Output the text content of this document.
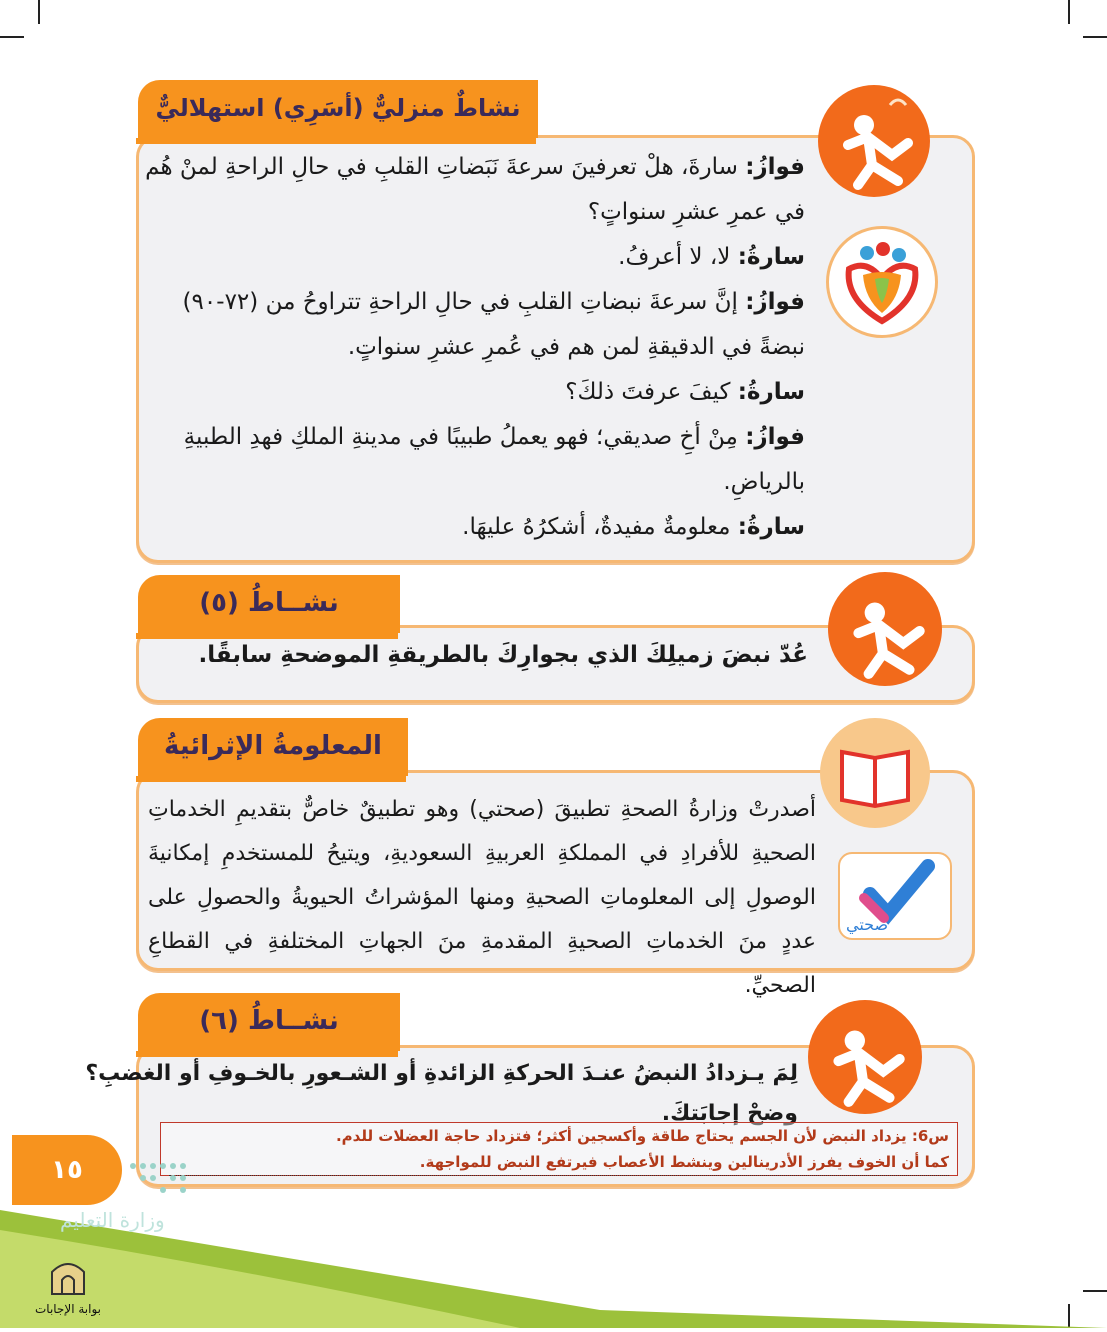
نشاطٌ منزليٌّ (أسَرِي) استهلاليٌّ
فوازُ: سارةَ، هلْ تعرفينَ سرعةَ نَبَضاتِ القلبِ في حالِ الراحةِ لمنْ هُم
في عمرِ عشرِ سنواتٍ؟
سارةُ: لا، لا أعرفُ.
فوازُ: إنَّ سرعةَ نبضاتِ القلبِ في حالِ الراحةِ تتراوحُ من (٧٢-٩٠)
نبضةً في الدقيقةِ لمن هم في عُمرِ عشرِ سنواتٍ.
سارةُ: كيفَ عرفتَ ذلكَ؟
فوازُ: مِنْ أخِ صديقي؛ فهو يعملُ طبيبًا في مدينةِ الملكِ فهدِ الطبيةِ
بالرياضِ.
سارةُ: معلومةٌ مفيدةٌ، أشكرُهُ عليهَا.
نشــاطُ (٥)
عُدّ نبضَ زميلِكَ الذي بجوارِكَ بالطريقةِ الموضحةِ سابقًا.
المعلومةُ الإثرائيةُ
صحتي
أصدرتْ وزارةُ الصحةِ تطبيقَ (صحتي) وهو تطبيقٌ خاصٌّ بتقديمِ الخدماتِ الصحيةِ للأفرادِ في المملكةِ العربيةِ السعوديةِ، ويتيحُ للمستخدمِ إمكانيةَ الوصولِ إلى المعلوماتِ الصحيةِ ومنها المؤشراتُ الحيويةُ والحصولِ على عددٍ منَ الخدماتِ الصحيةِ المقدمةِ منَ الجهاتِ المختلفةِ في القطاعِ الصحيِّ.
نشــاطُ (٦)
لِمَ يـزدادُ النبضُ عنـدَ الحركةِ الزائدةِ أو الشـعورِ بالخـوفِ أو الغضبِ؟
وضحْ إجابَتكَ.
س6: يزداد النبض لأن الجسم يحتاج طاقة وأكسجين أكثر؛ فتزداد حاجة العضلات للدم.
كما أن الخوف يفرز الأدرينالين وينشط الأعصاب فيرتفع النبض للمواجهة.
١٥
وزارة التعليم
بوابة الإجابات
